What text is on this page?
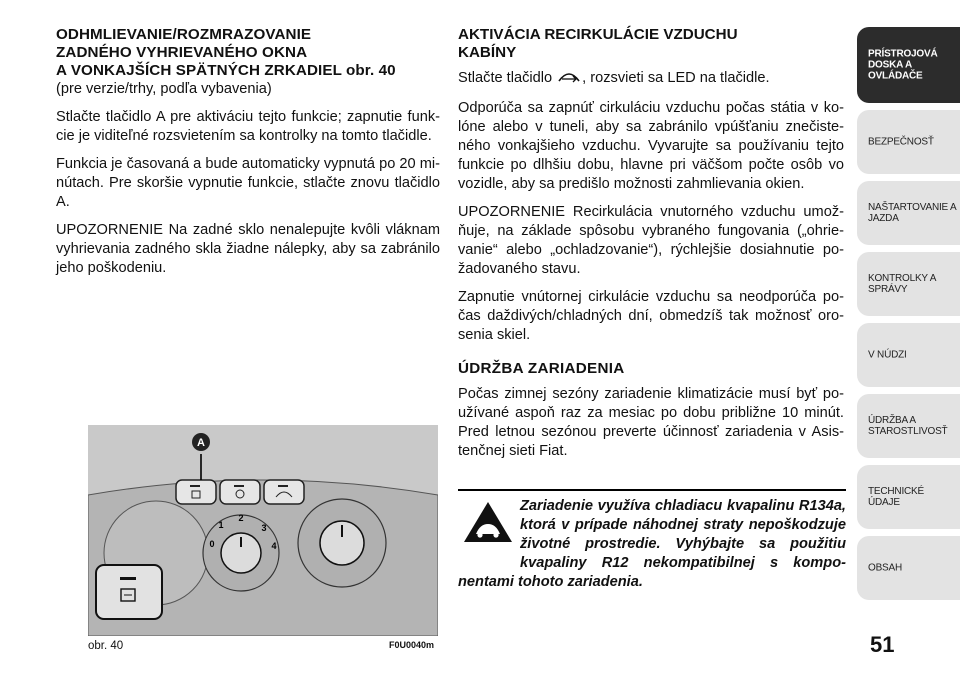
ODHMLIEVANIE/ROZMRAZOVANIE
ZADNÉHO VYHRIEVANÉHO OKNA
A VONKAJŠÍCH SPÄTNÝCH ZRKADIEL obr. 40

(pre verzie/trhy, podľa vybavenia)

Stlačte tlačidlo A pre aktiváciu tejto funkcie; zapnutie funkcie je viditeľné rozsvietením sa kontrolky na tomto tlačidle.

Funkcia je časovaná a bude automaticky vypnutá po 20 minútach. Pre skoršie vypnutie funkcie, stlačte znovu tlačidlo A.

UPOZORNENIE Na zadné sklo nenalepujte kvôli vláknam vyhrievania zadného skla žiadne nálepky, aby sa zabránilo jeho poškodeniu.

AKTIVÁCIA RECIRKULÁCIE VZDUCHU
KABÍNY

Stlačte tlačidlo , rozsvieti sa LED na tlačidle.

Odporúča sa zapnúť cirkuláciu vzduchu počas státia v kolóne alebo v tuneli, aby sa zabránilo vpúšťaniu znečisteného vonkajšieho vzduchu. Vyvarujte sa používaniu tejto funkcie po dlhšiu dobu, hlavne pri väčšom počte osôb vo vozidle, aby sa predišlo možnosti zahmlievania okien.

UPOZORNENIE Recirkulácia vnutorného vzduchu umožňuje, na základe spôsobu vybraného fungovania („ohrievanie“ alebo „ochladzovanie“), rýchlejšie dosiahnutie požadovaného stavu.

Zapnutie vnútornej cirkulácie vzduchu sa neodporúča počas daždivých/chladných dní, obmedzíš tak možnosť orosenia skiel.

ÚDRŽBA ZARIADENIA

Počas zimnej sezóny zariadenie klimatizácie musí byť používané aspoň raz za mesiac po dobu približne 10 minút. Pred letnou sezónou preverte účinnosť zariadenia v Asistenčnej sieti Fiat.

A
0
1
2
3
4
obr. 40	F0U0040m
Zariadenie využíva chladiacu kvapalinu R134a, ktorá v prípade náhodnej straty nepoškodzuje životné prostredie. Vyhýbajte sa použitiu kvapaliny R12 nekompatibilnej s komponentami tohoto zariadenia.
PRÍSTROJOVÁ DOSKA A OVLÁDAČE
BEZPEČNOSŤ
NAŠTARTOVANIE A JAZDA
KONTROLKY A SPRÁVY
V NÚDZI
ÚDRŽBA A STAROSTLIVOSŤ
TECHNICKÉ ÚDAJE
OBSAH
51
